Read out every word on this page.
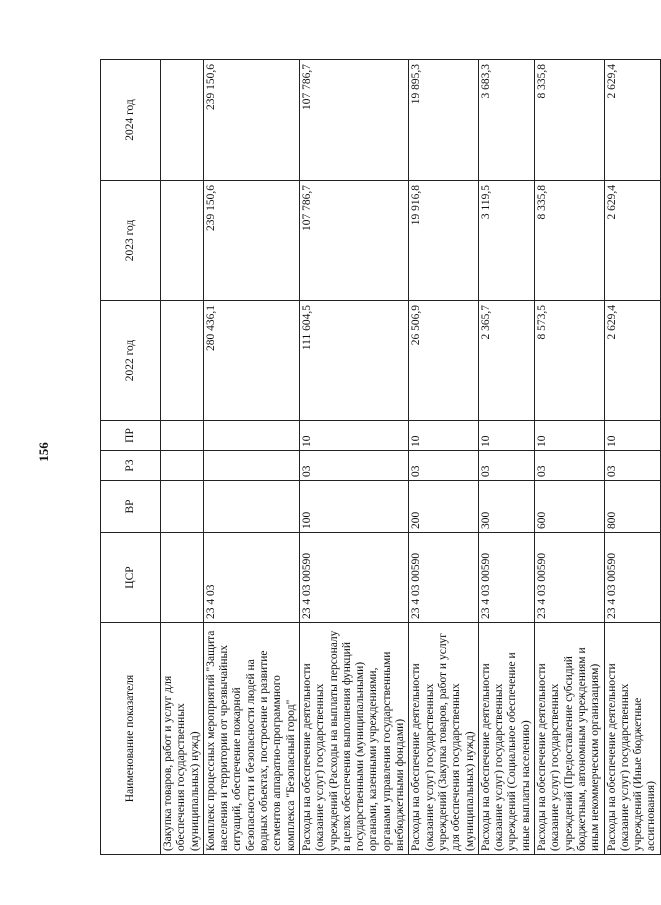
156
Наименование показателя	ЦСР	ВР	РЗ	ПР	2022 год	2023 год	2024 год
(Закупка товаров, работ и услуг для обеспечения государственных (муниципальных) нужд)							
Комплекс процессных мероприятий "Защита населения и территории от чрезвычайных ситуаций, обеспечение пожарной безопасности и безопасности людей на водных объектах, построение и развитие сегментов аппаратно-программного комплекса "Безопасный город"	23 4 03				280 436,1	239 150,6	239 150,6
Расходы на обеспечение деятельности (оказание услуг) государственных учреждений (Расходы на выплаты персоналу в целях обеспечения выполнения функций государственными (муниципальными) органами, казенными учреждениями, органами управления государственными внебюджетными фондами)	23 4 03 00590	100	03	10	111 604,5	107 786,7	107 786,7
Расходы на обеспечение деятельности (оказание услуг) государственных учреждений (Закупка товаров, работ и услуг для обеспечения государственных (муниципальных) нужд)	23 4 03 00590	200	03	10	26 506,9	19 916,8	19 895,3
Расходы на обеспечение деятельности (оказание услуг) государственных учреждений (Социальное обеспечение и иные выплаты населению)	23 4 03 00590	300	03	10	2 365,7	3 119,5	3 683,3
Расходы на обеспечение деятельности (оказание услуг) государственных учреждений (Предоставление субсидий бюджетным, автономным учреждениям и иным некоммерческим организациям)	23 4 03 00590	600	03	10	8 573,5	8 335,8	8 335,8
Расходы на обеспечение деятельности (оказание услуг) государственных учреждений (Иные бюджетные ассигнования)	23 4 03 00590	800	03	10	2 629,4	2 629,4	2 629,4
